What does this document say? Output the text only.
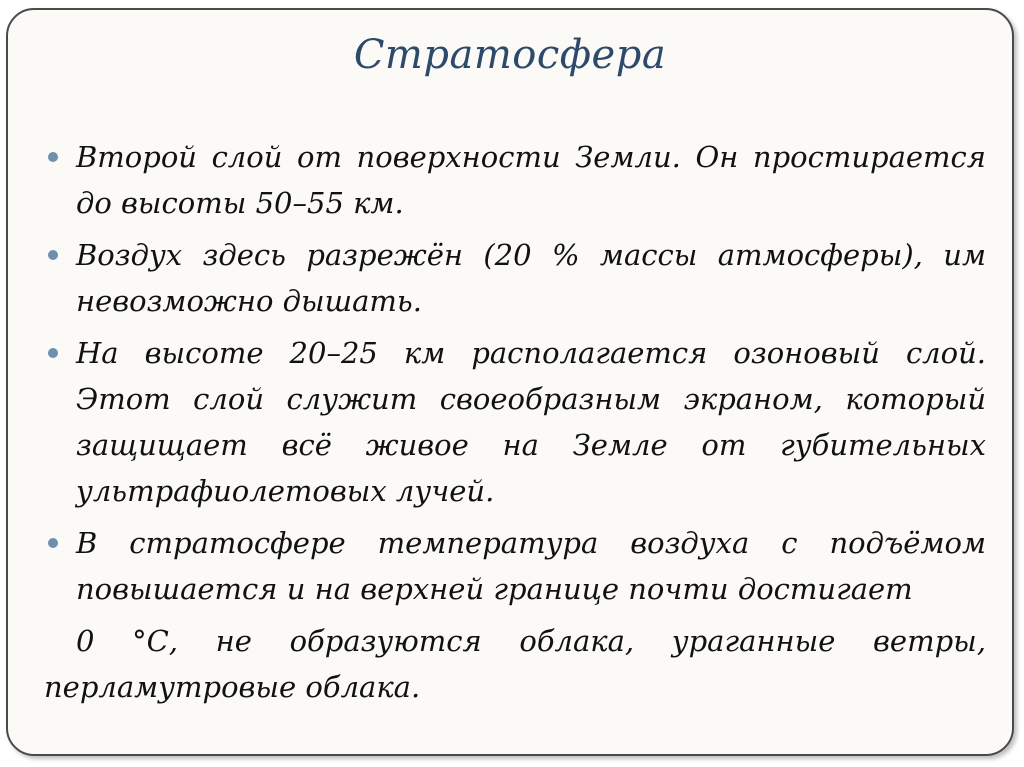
Стратосфера
Второй слой от поверхности Земли. Он простирается до высоты 50–55 км.
Воздух здесь разрежён (20 % массы атмосферы), им невозможно дышать.
На высоте 20–25 км располагается озоновый слой. Этот слой служит своеобразным экраном, который защищает всё живое на Земле от губительных ультрафиолетовых лучей.
В стратосфере температура воздуха с подъёмом повышается и на верхней границе почти достигает
0 °С, не образуются облака, ураганные ветры, перламутровые облака.
